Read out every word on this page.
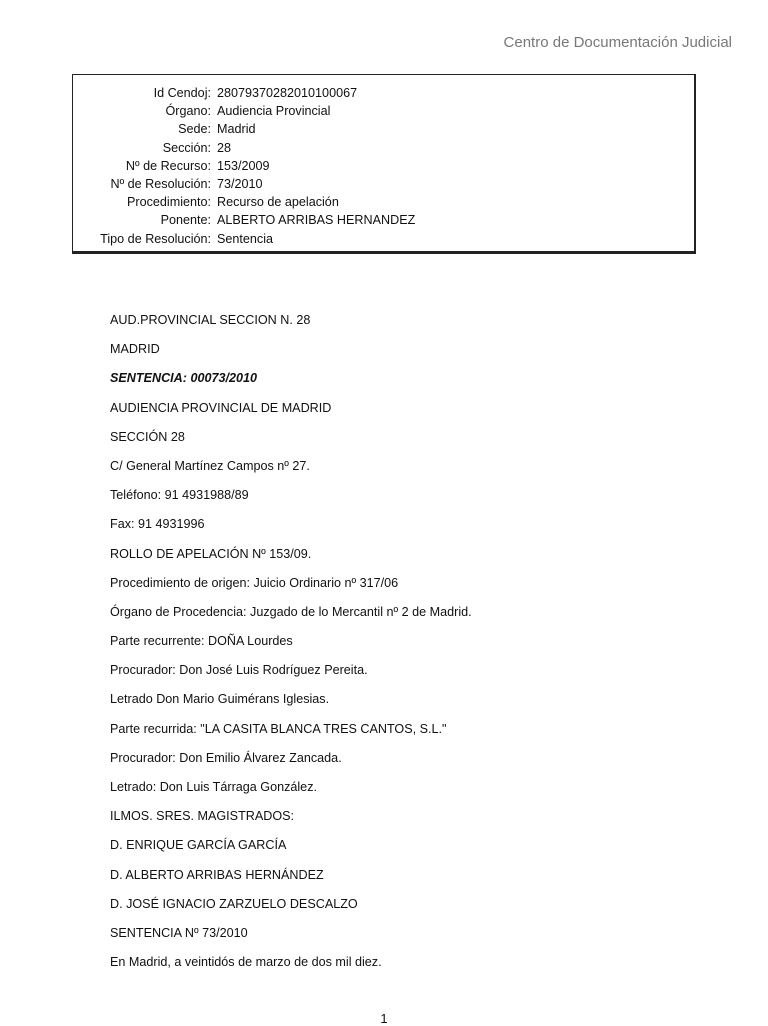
Centro de Documentación Judicial
Id Cendoj: 28079370282010100067
Órgano: Audiencia Provincial
Sede: Madrid
Sección: 28
Nº de Recurso: 153/2009
Nº de Resolución: 73/2010
Procedimiento: Recurso de apelación
Ponente: ALBERTO ARRIBAS HERNANDEZ
Tipo de Resolución: Sentencia
AUD.PROVINCIAL SECCION N. 28
MADRID
SENTENCIA: 00073/2010
AUDIENCIA PROVINCIAL DE MADRID
SECCIÓN 28
C/ General Martínez Campos nº 27.
Teléfono: 91 4931988/89
Fax: 91 4931996
ROLLO DE APELACIÓN Nº 153/09.
Procedimiento de origen: Juicio Ordinario nº 317/06
Órgano de Procedencia: Juzgado de lo Mercantil nº 2 de Madrid.
Parte recurrente: DOÑA Lourdes
Procurador: Don José Luis Rodríguez Pereita.
Letrado Don Mario Guimérans Iglesias.
Parte recurrida: "LA CASITA BLANCA TRES CANTOS, S.L."
Procurador: Don Emilio Álvarez Zancada.
Letrado: Don Luis Tárraga González.
ILMOS. SRES. MAGISTRADOS:
D. ENRIQUE GARCÍA GARCÍA
D. ALBERTO ARRIBAS HERNÁNDEZ
D. JOSÉ IGNACIO ZARZUELO DESCALZO
SENTENCIA Nº 73/2010
En Madrid, a veintidós de marzo de dos mil diez.
1
